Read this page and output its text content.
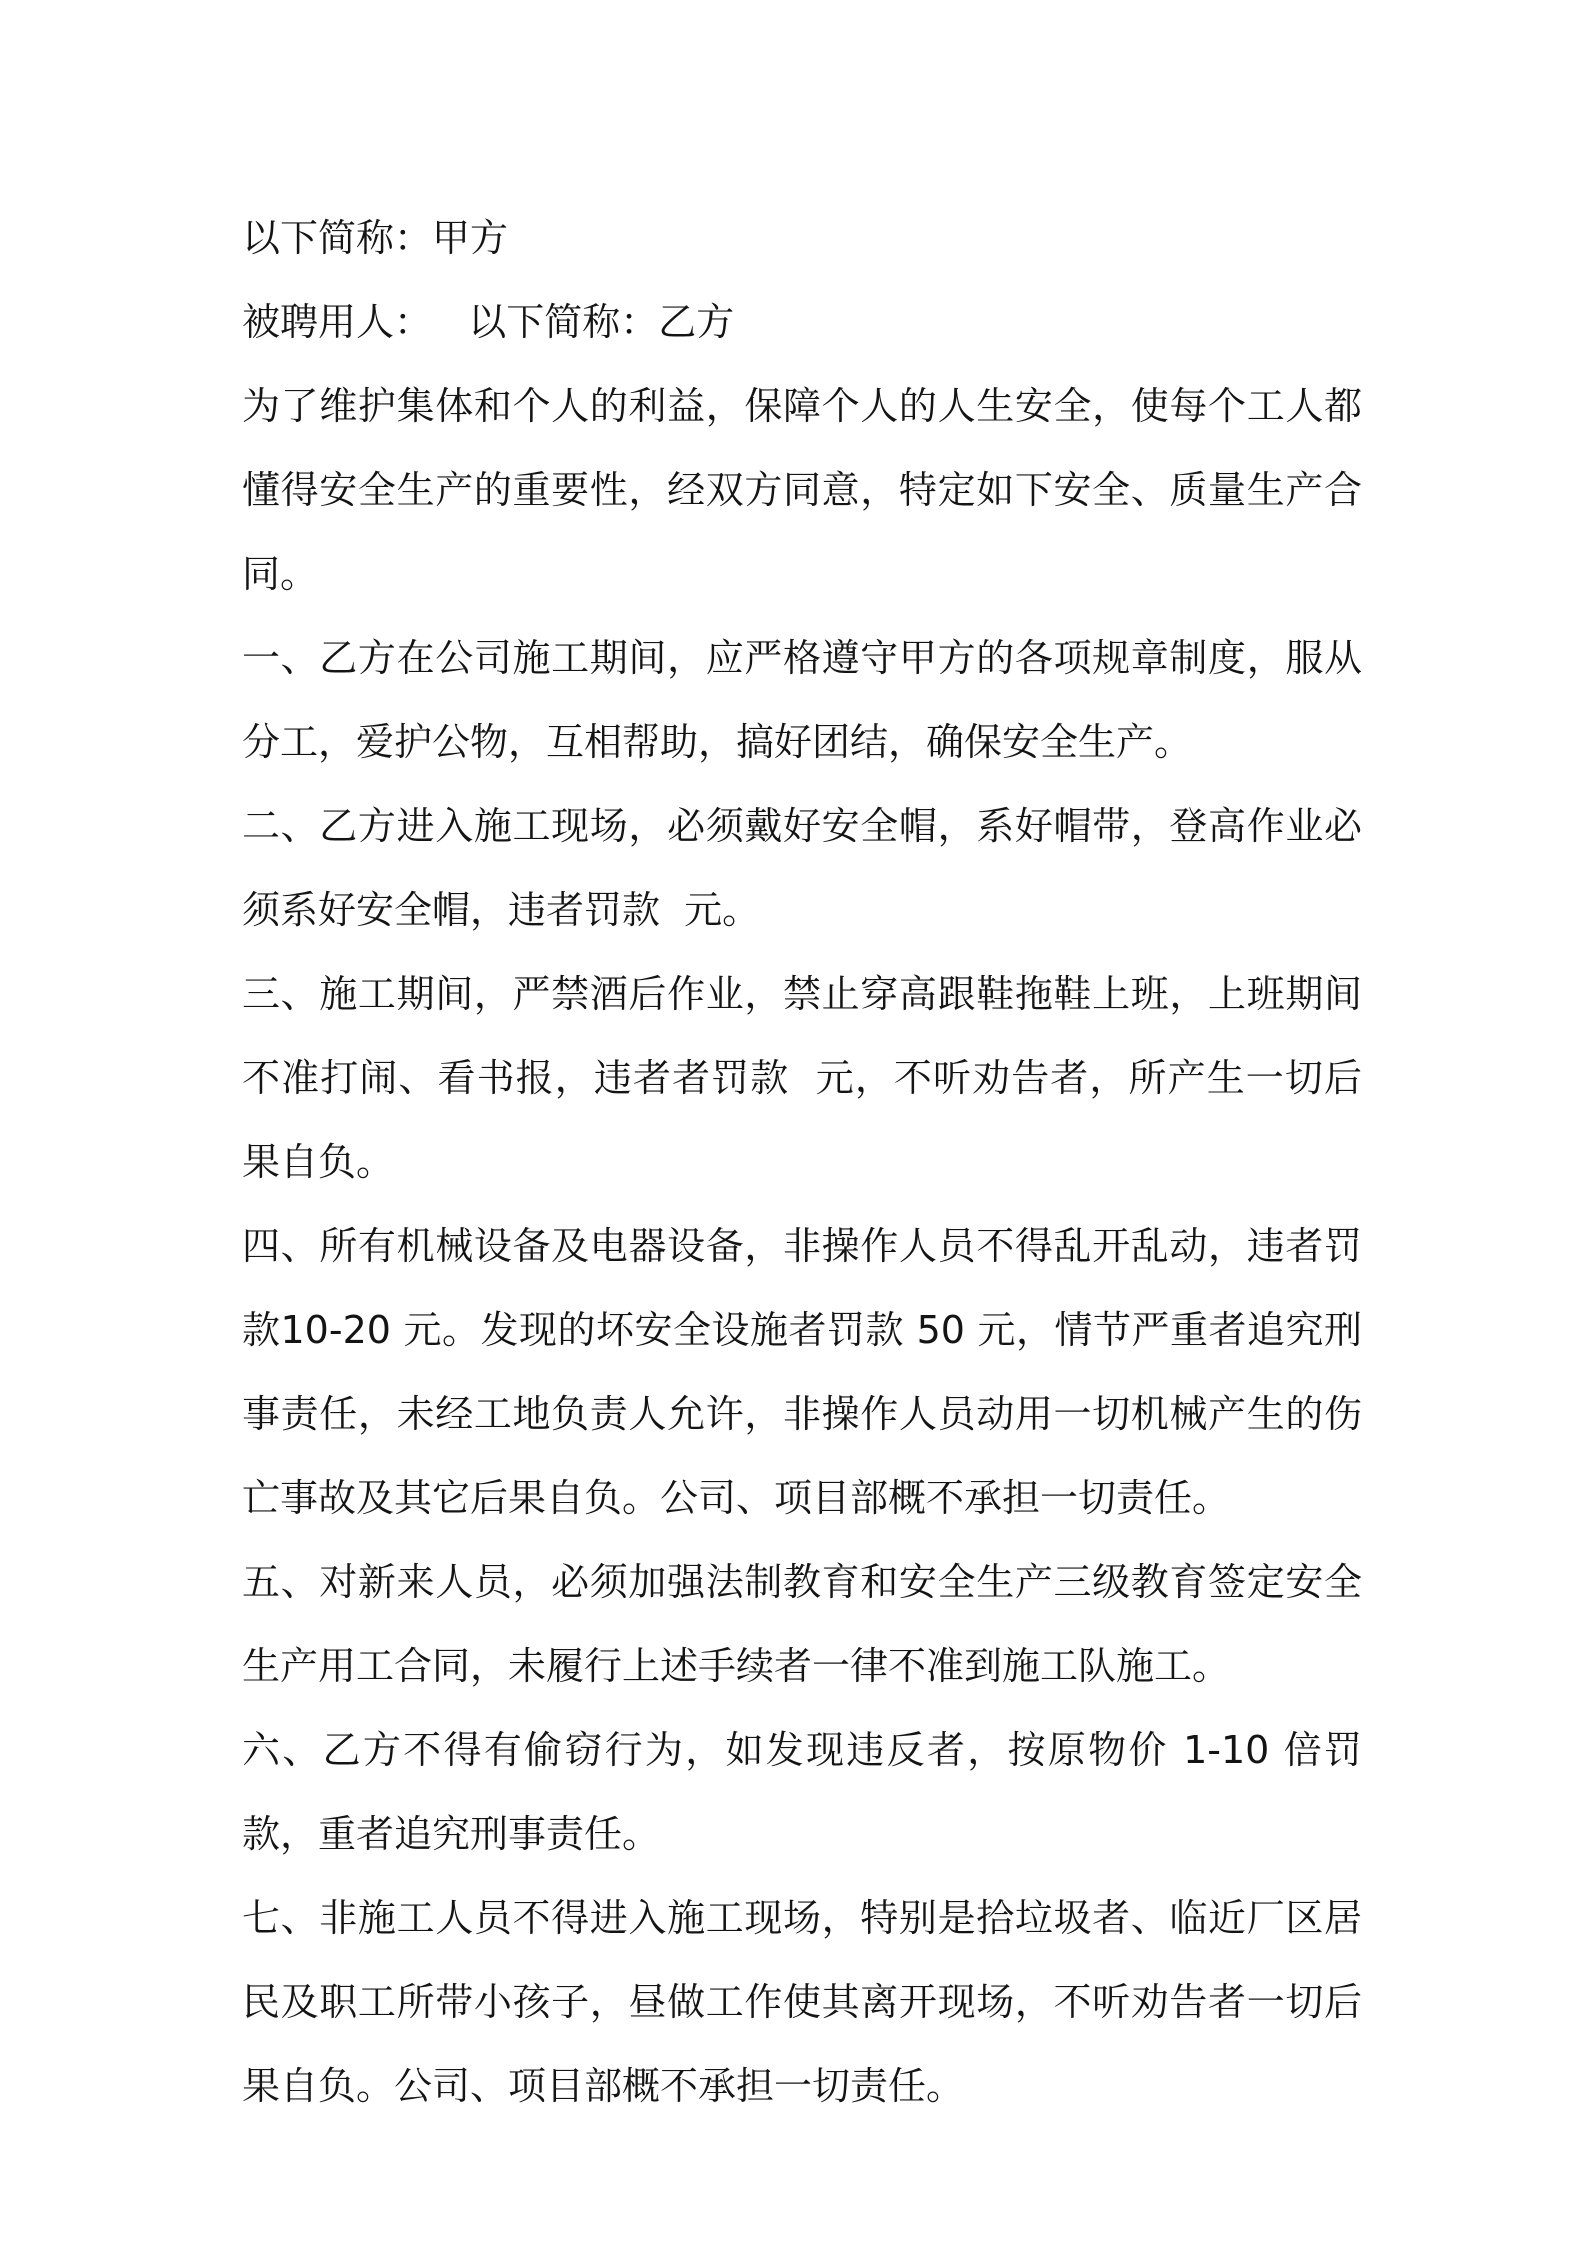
以下简称：甲方

被聘用人：   以下简称：乙方

为了维护集体和个人的利益，保障个人的人生安全，使每个工人都懂得安全生产的重要性，经双方同意，特定如下安全、质量生产合同。

一、乙方在公司施工期间，应严格遵守甲方的各项规章制度，服从分工，爱护公物，互相帮助，搞好团结，确保安全生产。

二、乙方进入施工现场，必须戴好安全帽，系好帽带，登高作业必须系好安全帽，违者罚款  元。

三、施工期间，严禁酒后作业，禁止穿高跟鞋拖鞋上班，上班期间不准打闹、看书报，违者者罚款  元，不听劝告者，所产生一切后果自负。

四、所有机械设备及电器设备，非操作人员不得乱开乱动，违者罚款10-20 元。发现的坏安全设施者罚款 50 元，情节严重者追究刑事责任，未经工地负责人允许，非操作人员动用一切机械产生的伤亡事故及其它后果自负。公司、项目部概不承担一切责任。

五、对新来人员，必须加强法制教育和安全生产三级教育签定安全生产用工合同，未履行上述手续者一律不准到施工队施工。

六、乙方不得有偷窃行为，如发现违反者，按原物价 1-10 倍罚款，重者追究刑事责任。

七、非施工人员不得进入施工现场，特别是拾垃圾者、临近厂区居民及职工所带小孩子，昼做工作使其离开现场，不听劝告者一切后果自负。公司、项目部概不承担一切责任。
